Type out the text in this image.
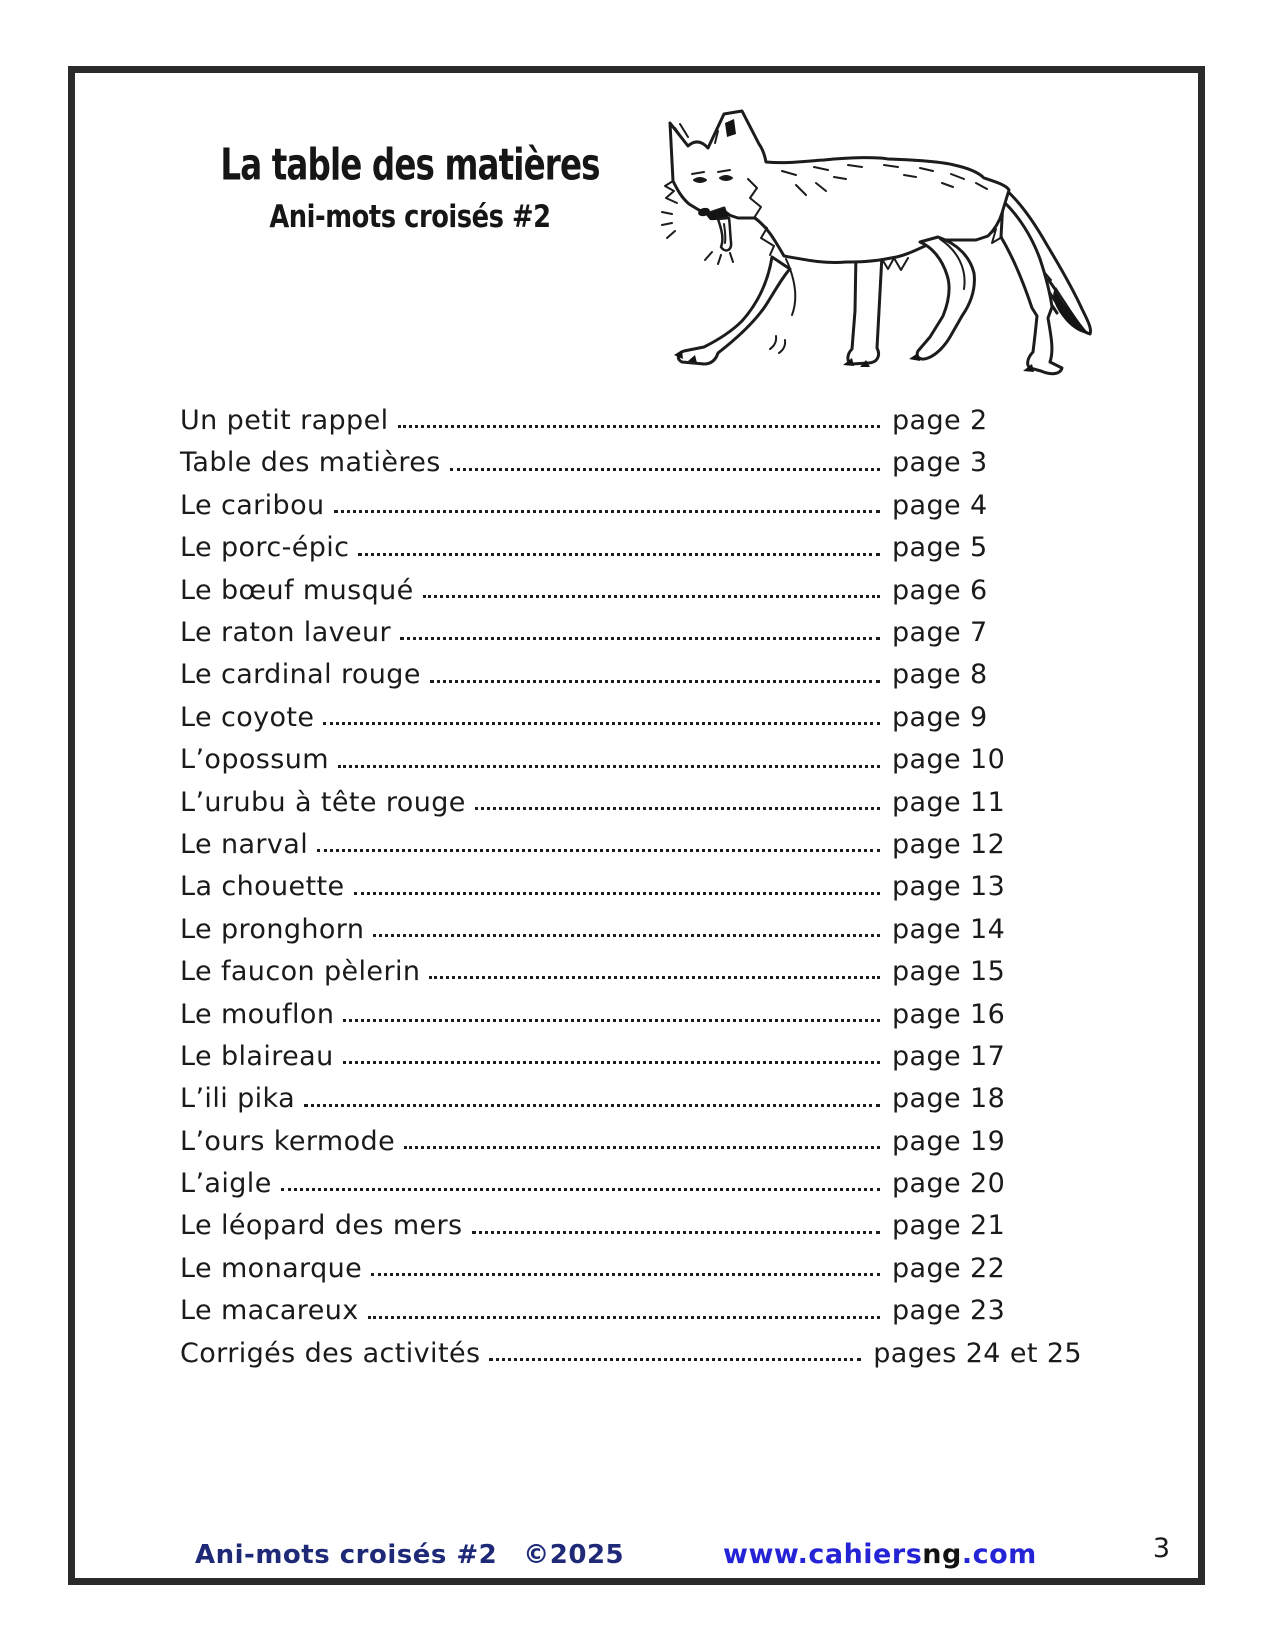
La table des matières
Ani-mots croisés #2
Un petit rappel	page 2
Table des matières	page 3
Le caribou	page 4
Le porc-épic	page 5
Le bœuf musqué	page 6
Le raton laveur	page 7
Le cardinal rouge	page 8
Le coyote	page 9
L’opossum	page 10
L’urubu à tête rouge	page 11
Le narval	page 12
La chouette	page 13
Le pronghorn	page 14
Le faucon pèlerin	page 15
Le mouflon	page 16
Le blaireau	page 17
L’ili pika	page 18
L’ours kermode	page 19
L’aigle	page 20
Le léopard des mers	page 21
Le monarque	page 22
Le macareux	page 23
Corrigés des activités	pages 24 et 25
Ani-mots croisés #2 ©2025	www.cahiersng.com	3
